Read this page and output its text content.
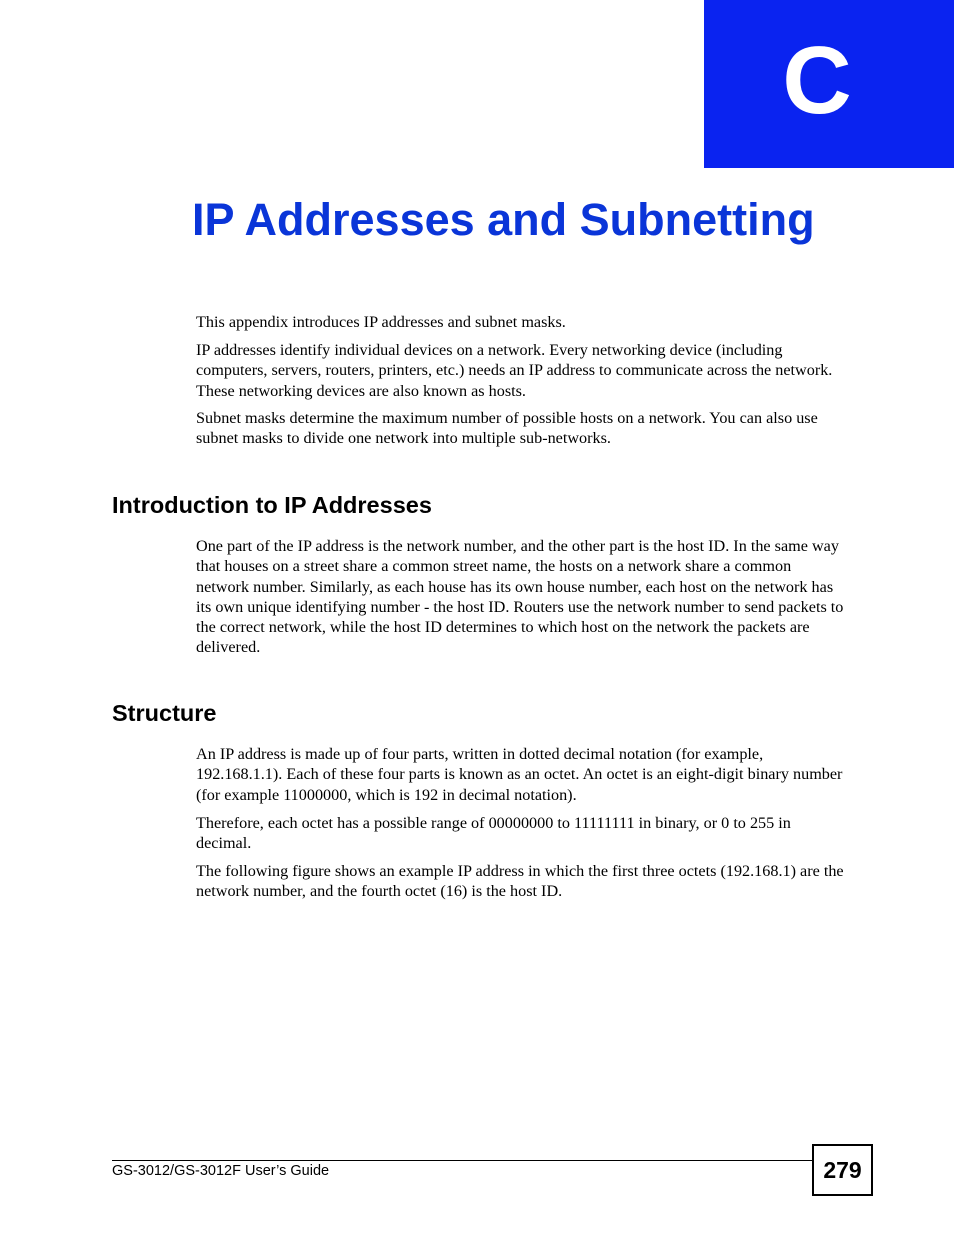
C
IP Addresses and Subnetting

This appendix introduces IP addresses and subnet masks.

IP addresses identify individual devices on a network. Every networking device (including computers, servers, routers, printers, etc.) needs an IP address to communicate across the network. These networking devices are also known as hosts.

Subnet masks determine the maximum number of possible hosts on a network. You can also use subnet masks to divide one network into multiple sub-networks.

Introduction to IP Addresses

One part of the IP address is the network number, and the other part is the host ID. In the same way that houses on a street share a common street name, the hosts on a network share a common network number. Similarly, as each house has its own house number, each host on the network has its own unique identifying number - the host ID. Routers use the network number to send packets to the correct network, while the host ID determines to which host on the network the packets are delivered.

Structure

An IP address is made up of four parts, written in dotted decimal notation (for example, 192.168.1.1). Each of these four parts is known as an octet. An octet is an eight-digit binary number (for example 11000000, which is 192 in decimal notation).

Therefore, each octet has a possible range of 00000000 to 11111111 in binary, or 0 to 255 in decimal.

The following figure shows an example IP address in which the first three octets (192.168.1) are the network number, and the fourth octet (16) is the host ID.

GS-3012/GS-3012F User’s Guide	279
